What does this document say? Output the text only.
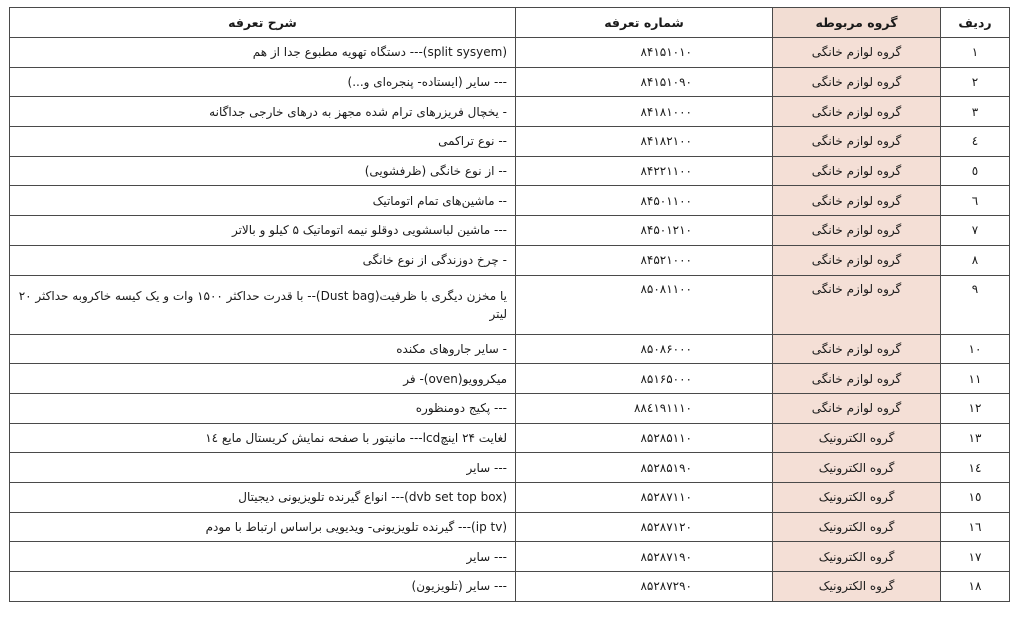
ردیف	گروه مربوطه	شماره تعرفه	شرح تعرفه
۱	گروه لوازم خانگی	۸۴۱۵۱۰۱۰	(split sysyem)--- دستگاه تهویه مطبوع جدا از هم
۲	گروه لوازم خانگی	۸۴۱۵۱۰۹۰	--- سایر (ایستاده- پنجره‌ای و...)
۳	گروه لوازم خانگی	۸۴۱۸۱۰۰۰	- یخچال فریزرهای ترام شده مجهز به درهای خارجی جداگانه
٤	گروه لوازم خانگی	۸۴۱۸۲۱۰۰	-- نوع تراکمی
٥	گروه لوازم خانگی	۸۴۲۲۱۱۰۰	-- از نوع خانگی (ظرفشویی)
٦	گروه لوازم خانگی	۸۴۵۰۱۱۰۰	-- ماشین‌های تمام اتوماتیک
۷	گروه لوازم خانگی	۸۴۵۰۱۲۱۰	--- ماشین لباسشویی دوقلو نیمه اتوماتیک ۵ کیلو و بالاتر
۸	گروه لوازم خانگی	۸۴۵۲۱۰۰۰	- چرخ دوزندگی از نوع خانگی
۹	گروه لوازم خانگی	۸۵۰۸۱۱۰۰	یا مخزن دیگری با ظرفیت(Dust bag)-- با قدرت حداکثر ۱۵۰۰ وات و یک کیسه خاکروبه حداکثر ۲۰ لیتر
۱۰	گروه لوازم خانگی	۸۵۰۸۶۰۰۰	- سایر جاروهای مکنده
۱۱	گروه لوازم خانگی	۸۵۱۶۵۰۰۰	میکروویو(oven)- فر
۱۲	گروه لوازم خانگی	۸۸٤۱۹۱۱۱۰	--- پکیج دومنظوره
۱۳	گروه الکترونیک	۸۵۲۸۵۱۱۰	لغایت ۲۴ اینچlcd--- مانیتور با صفحه نمایش کریستال مایع ۱٤
١٤	گروه الکترونیک	۸۵۲۸۵۱۹۰	--- سایر
١٥	گروه الکترونیک	۸۵۲۸۷۱۱۰	(dvb set top box)--- انواع گیرنده تلویزیونی دیجیتال
١٦	گروه الکترونیک	۸۵۲۸۷۱۲۰	(ip tv)--- گیرنده تلویزیونی- ویدیویی براساس ارتباط با مودم
۱۷	گروه الکترونیک	۸۵۲۸۷۱۹۰	--- سایر
۱۸	گروه الکترونیک	۸۵۲۸۷۲۹۰	--- سایر (تلویزیون)
